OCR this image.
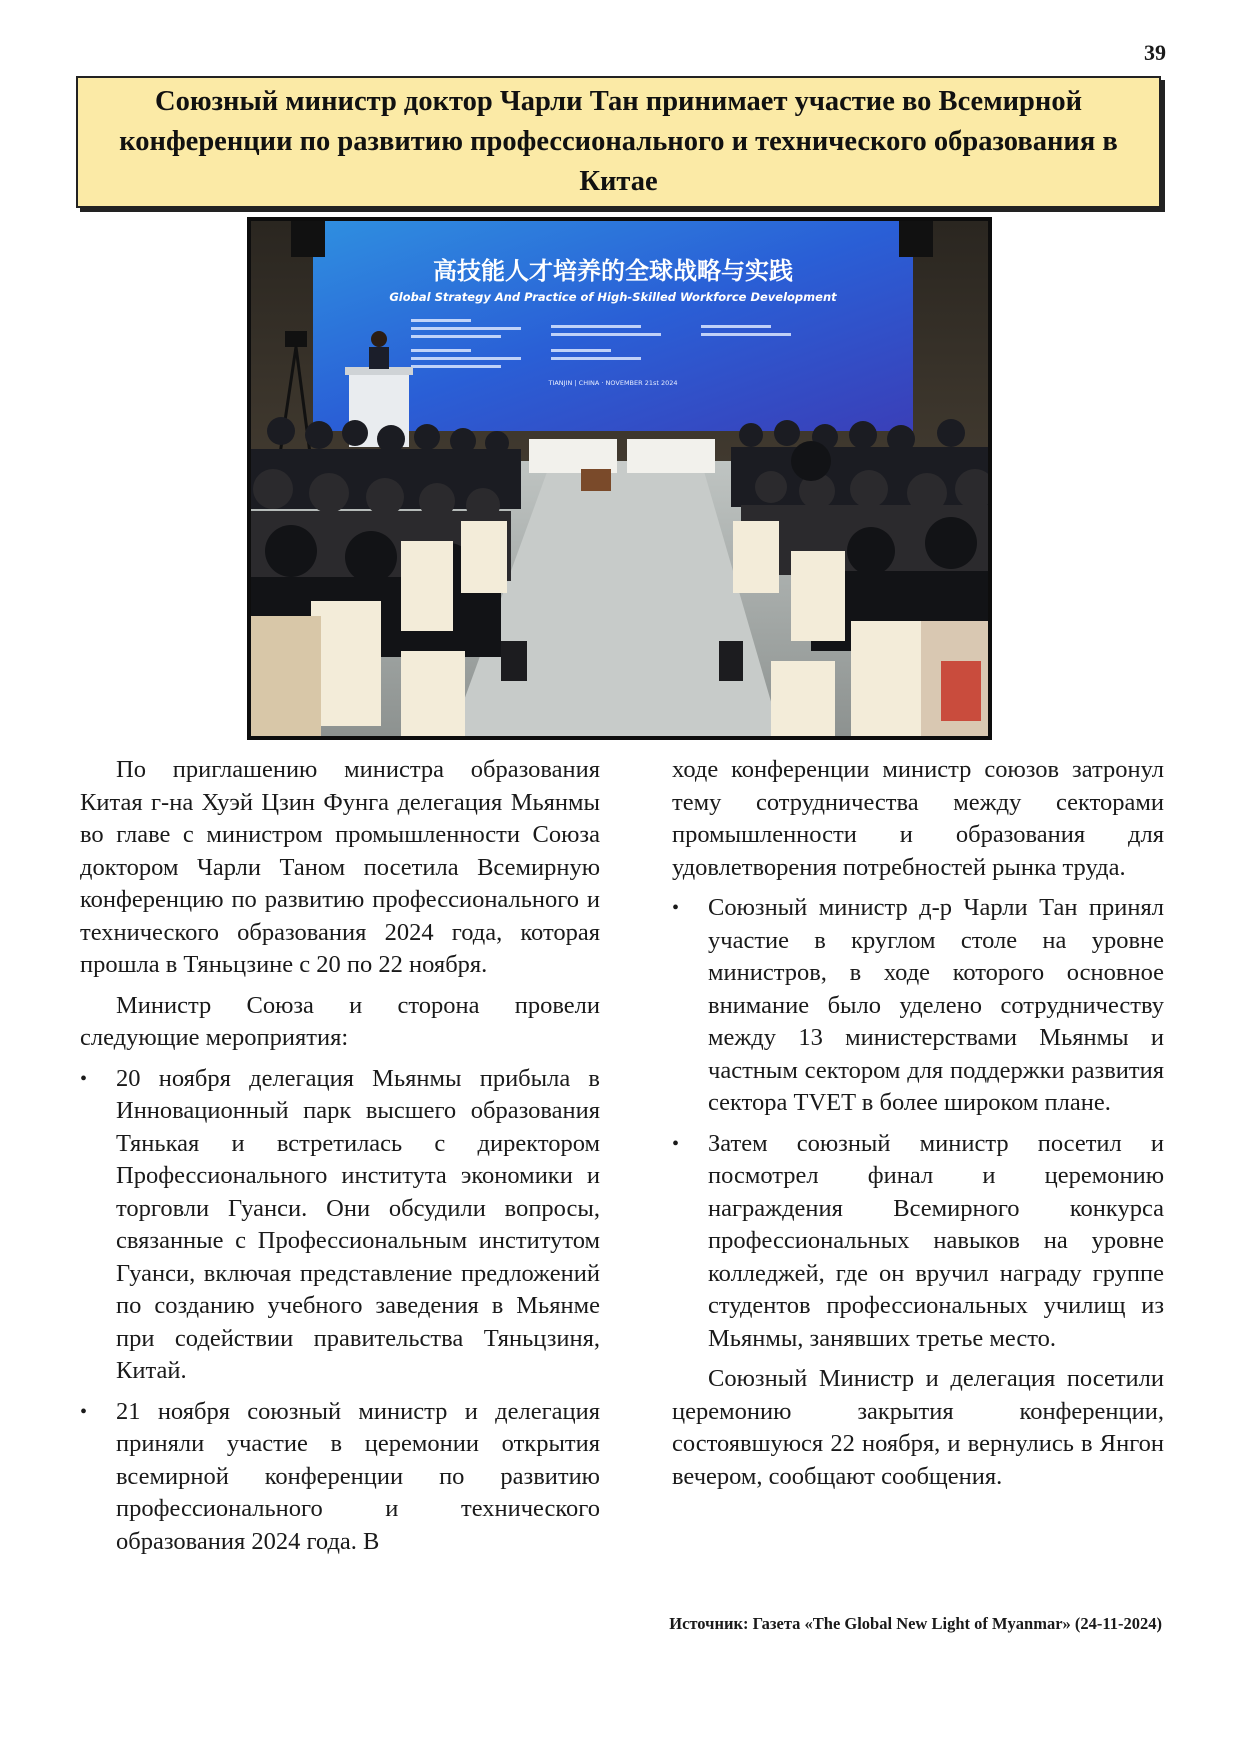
39
Союзный министр доктор Чарли Тан принимает участие во Всемирной конференции по развитию профессионального и технического образования в Китае
高技能人才培养的全球战略与实践
Global Strategy And Practice of High-Skilled Workforce Development
TIANJIN | CHINA · NOVEMBER 21st 2024

По приглашению министра образования Китая г-на Хуэй Цзин Фунга делегация Мьянмы во главе с министром промышленности Союза доктором Чарли Таном посетила Всемирную конференцию по развитию профессионального и технического образования 2024 года, которая прошла в Тяньцзине с 20 по 22 ноября.

Министр Союза и сторона провели следующие мероприятия:

• 20 ноября делегация Мьянмы прибыла в Инновационный парк высшего образования Тянькая и встретилась с директором Профессионального института экономики и торговли Гуанси. Они обсудили вопросы, связанные с Профессиональным институтом Гуанси, включая представление предложений по созданию учебного заведения в Мьянме при содействии правительства Тяньцзиня, Китай.
• 21 ноября союзный министр и делегация приняли участие в церемонии открытия всемирной конференции по развитию профессионального и технического образования 2024 года. В

ходе конференции министр союзов затронул тему сотрудничества между секторами промышленности и образования для удовлетворения потребностей рынка труда.

• Союзный министр д-р Чарли Тан принял участие в круглом столе на уровне министров, в ходе которого основное внимание было уделено сотрудничеству между 13 министерствами Мьянмы и частным сектором для поддержки развития сектора TVET в более широком плане.
• Затем союзный министр посетил и посмотрел финал и церемонию награждения Всемирного конкурса профессиональных навыков на уровне колледжей, где он вручил награду группе студентов профессиональных училищ из Мьянмы, занявших третье место.

Союзный Министр и делегация посетили церемонию закрытия конференции, состоявшуюся 22 ноября, и вернулись в Янгон вечером, сообщают сообщения.

Источник: Газета «The Global New Light of Myanmar» (24-11-2024)
